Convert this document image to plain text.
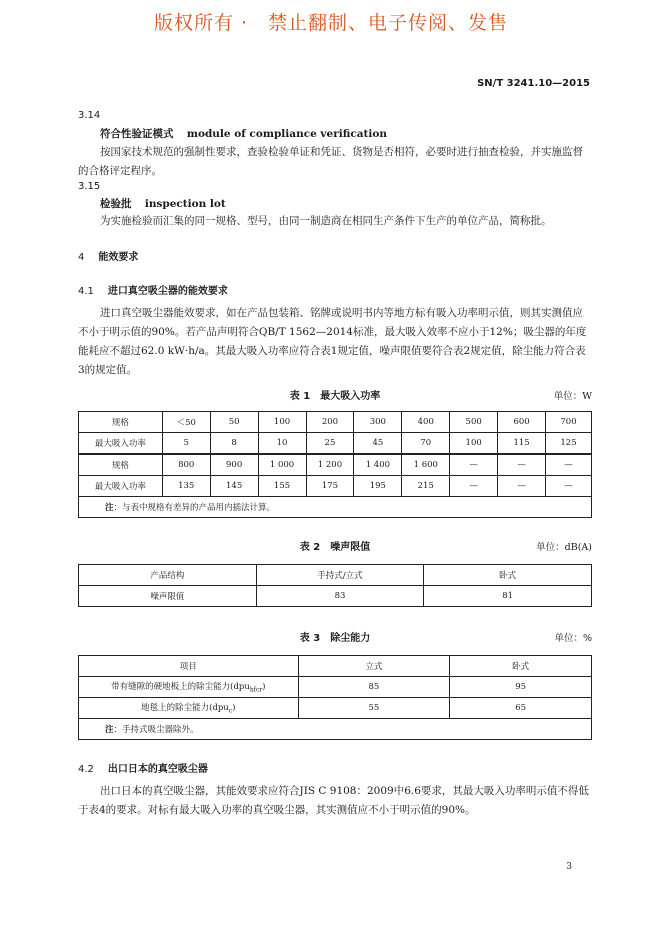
版权所有 ·　禁止翻制、电子传阅、发售
SN/T 3241.10—2015
3.14
符合性验证模式 module of compliance verification
按国家技术规范的强制性要求，查验检验单证和凭证、货物是否相符，必要时进行抽查检验，并实施监督的合格评定程序。
3.15
检验批 inspection lot
为实施检验而汇集的同一规格、型号，由同一制造商在相同生产条件下生产的单位产品，简称批。
4 能效要求
4.1 进口真空吸尘器的能效要求
进口真空吸尘器能效要求，如在产品包装箱、铭牌或说明书内等地方标有吸入功率明示值，则其实测值应不小于明示值的90%。若产品声明符合QB/T 1562—2014标准，最大吸入效率不应小于12%；吸尘器的年度能耗应不超过62.0 kW·h/a。其最大吸入功率应符合表1规定值，噪声限值要符合表2规定值，除尘能力符合表3的规定值。
表 1　最大吸入功率	单位：W
规格	＜50	50	100	200	300	400	500	600	700
最大吸入功率	5	8	10	25	45	70	100	115	125
规格	800	900	1 000	1 200	1 400	1 600	—	—	—
最大吸入功率	135	145	155	175	195	215	—	—	—
注：与表中规格有差异的产品用内插法计算。									
表 2　噪声限值	单位：dB(A)
产品结构	手持式/立式	卧式
噪声限值	83	81
表 3　除尘能力	单位：%
项目	立式	卧式
带有缝隙的硬地板上的除尘能力(dpu$_{hfcr}$)	85	95
地毯上的除尘能力(dpu$_c$)	55	65
注：手持式吸尘器除外。		
4.2 出口日本的真空吸尘器
出口日本的真空吸尘器，其能效要求应符合JIS C 9108：2009中6.6要求，其最大吸入功率明示值不得低于表4的要求。对标有最大吸入功率的真空吸尘器，其实测值应不小于明示值的90%。
3
